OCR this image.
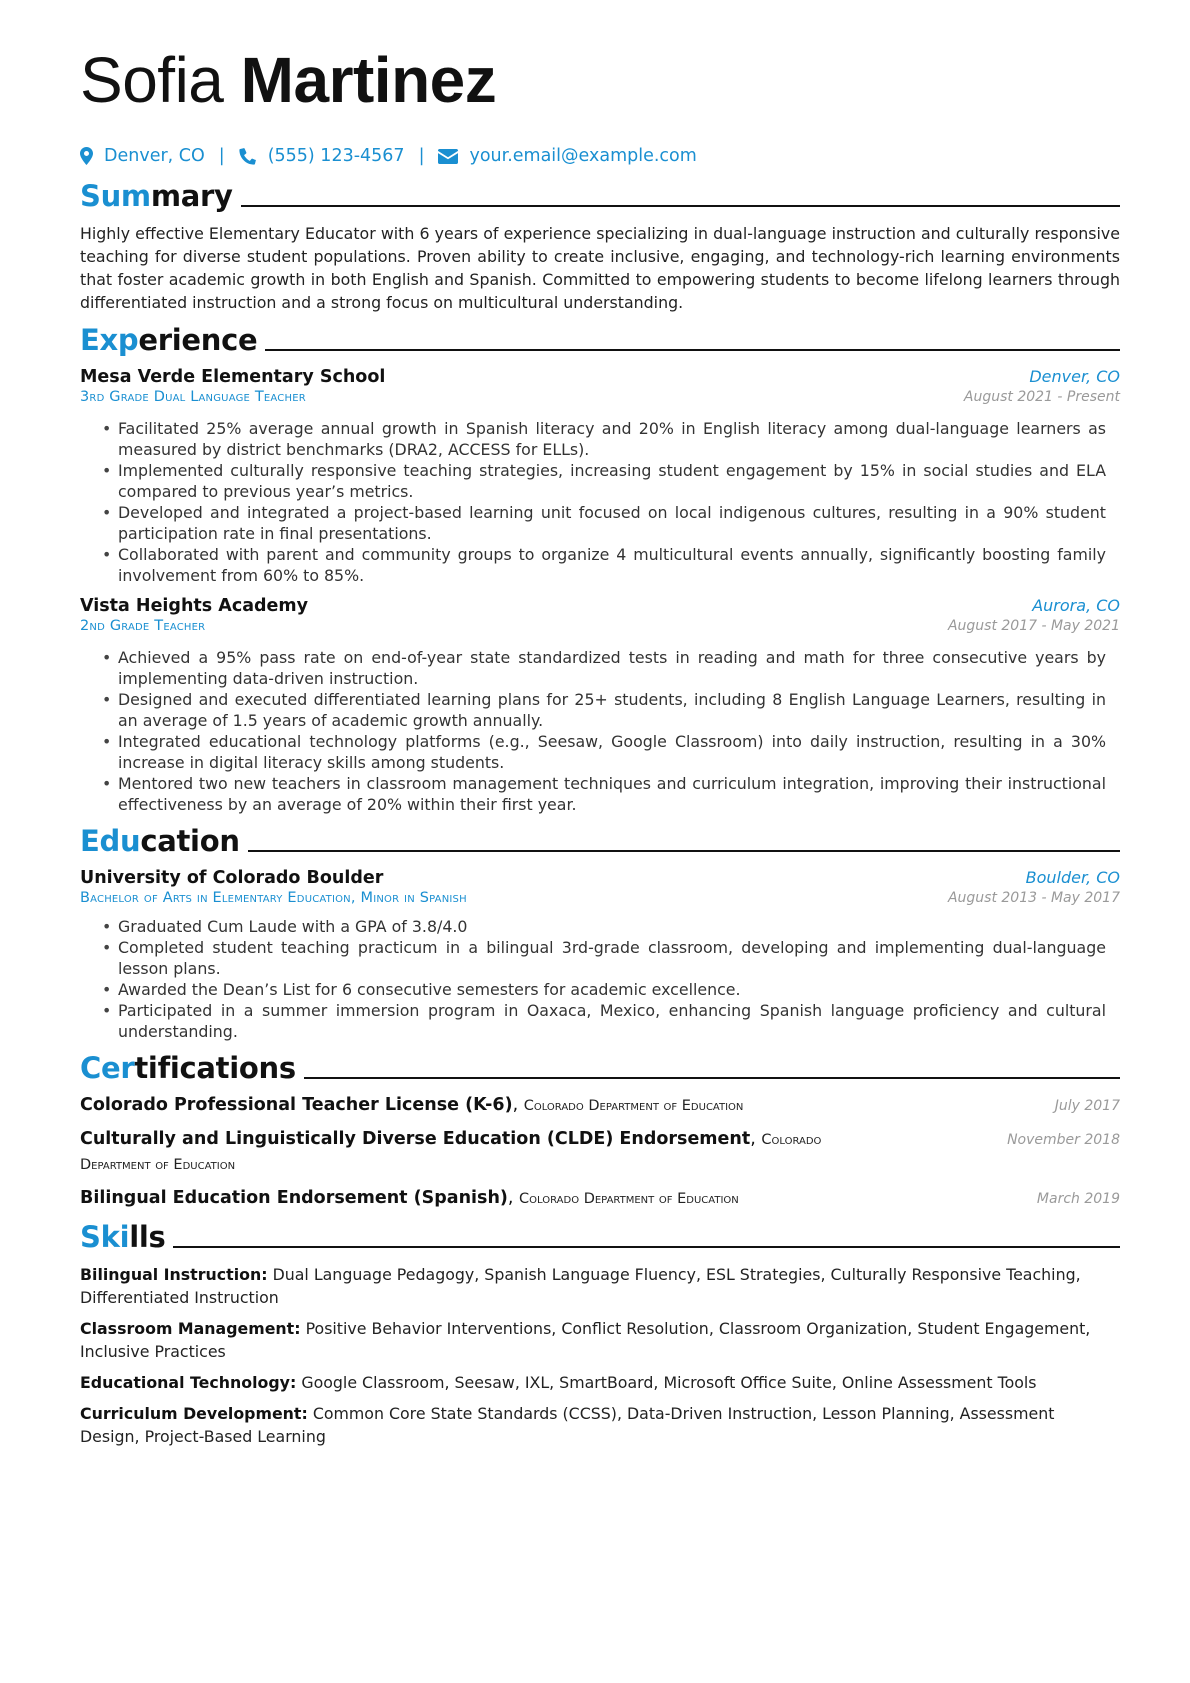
Sofia Martinez
Denver, CO | (555) 123-4567 |	your.email@example.com
Summary
Highly effective Elementary Educator with 6 years of experience specializing in dual-language instruction and culturally responsive teaching for diverse student populations. Proven ability to create inclusive, engaging, and technology-rich learning environments that foster academic growth in both English and Spanish. Committed to empowering students to become lifelong learners through differentiated instruction and a strong focus on multicultural understanding.
Experience
Mesa Verde Elementary School	Denver, CO
3rd Grade Dual Language Teacher	August 2021 - Present
• Facilitated 25% average annual growth in Spanish literacy and 20% in English literacy among dual-language learners as measured by district benchmarks (DRA2, ACCESS for ELLs).
• Implemented culturally responsive teaching strategies, increasing student engagement by 15% in social studies and ELA compared to previous year’s metrics.
• Developed and integrated a project-based learning unit focused on local indigenous cultures, resulting in a 90% student participation rate in final presentations.
• Collaborated with parent and community groups to organize 4 multicultural events annually, significantly boosting family involvement from 60% to 85%.
Vista Heights Academy	Aurora, CO
2nd Grade Teacher	August 2017 - May 2021
• Achieved a 95% pass rate on end-of-year state standardized tests in reading and math for three consecutive years by implementing data-driven instruction.
• Designed and executed differentiated learning plans for 25+ students, including 8 English Language Learners, resulting in an average of 1.5 years of academic growth annually.
• Integrated educational technology platforms (e.g., Seesaw, Google Classroom) into daily instruction, resulting in a 30% increase in digital literacy skills among students.
• Mentored two new teachers in classroom management techniques and curriculum integration, improving their instructional effectiveness by an average of 20% within their first year.
Education
University of Colorado Boulder	Boulder, CO
Bachelor of Arts in Elementary Education, Minor in Spanish	August 2013 - May 2017
• Graduated Cum Laude with a GPA of 3.8/4.0
• Completed student teaching practicum in a bilingual 3rd-grade classroom, developing and implementing dual-language lesson plans.
• Awarded the Dean’s List for 6 consecutive semesters for academic excellence.
• Participated in a summer immersion program in Oaxaca, Mexico, enhancing Spanish language proficiency and cultural understanding.
Certifications
Colorado Professional Teacher License (K-6), Colorado Department of Education	July 2017
Culturally and Linguistically Diverse Education (CLDE) Endorsement, Colorado Department of Education
November 2018
Bilingual Education Endorsement (Spanish), Colorado Department of Education	March 2019
Skills
Bilingual Instruction: Dual Language Pedagogy, Spanish Language Fluency, ESL Strategies, Culturally Responsive Teaching, Differentiated Instruction
Classroom Management: Positive Behavior Interventions, Conflict Resolution, Classroom Organization, Student Engagement, Inclusive Practices
Educational Technology: Google Classroom, Seesaw, IXL, SmartBoard, Microsoft Office Suite, Online Assessment Tools
Curriculum Development: Common Core State Standards (CCSS), Data-Driven Instruction, Lesson Planning, Assessment Design, Project-Based Learning
